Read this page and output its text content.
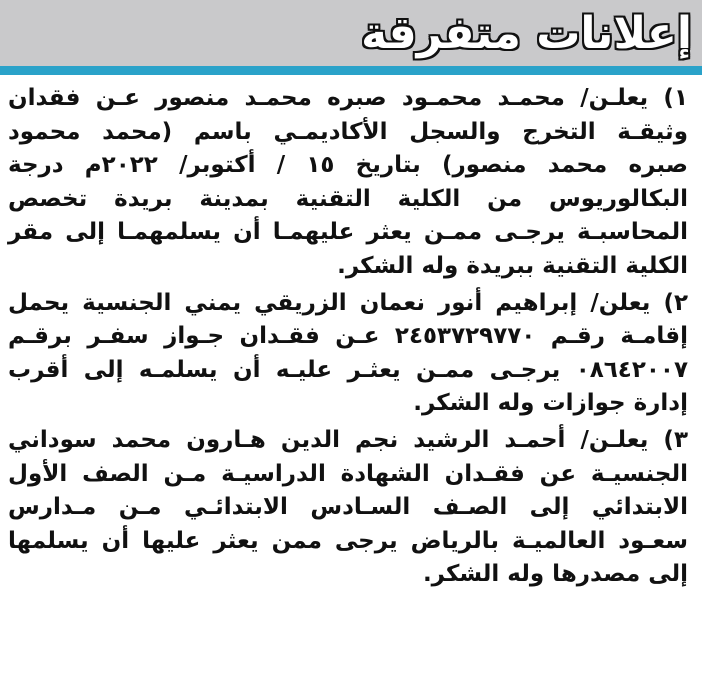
إعلانات متفرقة
١) يعلـن/ محمـد محمـود صبره محمـد منصور عـن فقدان
وثيقـة التخرج والسجل الأكاديمـي باسم (محمد محمود
صبره محمد منصور) بتاريخ ١٥ / أكتوبر/ ٢٠٢٢م درجة
البكالوريوس من الكلية التقنية بمدينة بريدة تخصص
المحاسبـة يرجـى ممـن يعثر عليهمـا أن يسلمهمـا إلى مقر
الكلية التقنية ببريدة وله الشكر.
٢) يعلن/ إبراهيم أنور نعمان الزريقي يمني الجنسية يحمل
إقامـة رقـم ٢٤٥٣٧٢٩٧٧٠ عـن فقـدان جـواز سفـر برقـم
٠٨٦٤٢٠٠٧ يرجـى ممـن يعثـر عليـه أن يسلمـه إلى أقرب
إدارة جوازات وله الشكر.
٣) يعلـن/ أحمـد الرشيد نجم الدين هـارون محمد سوداني
الجنسيـة عن فقـدان الشهادة الدراسيـة مـن الصف الأول
الابتدائي إلى الصـف السـادس الابتدائـي مـن مـدارس
سعـود العالميـة بالرياض يرجى ممن يعثر عليها أن يسلمها
إلى مصدرها وله الشكر.
